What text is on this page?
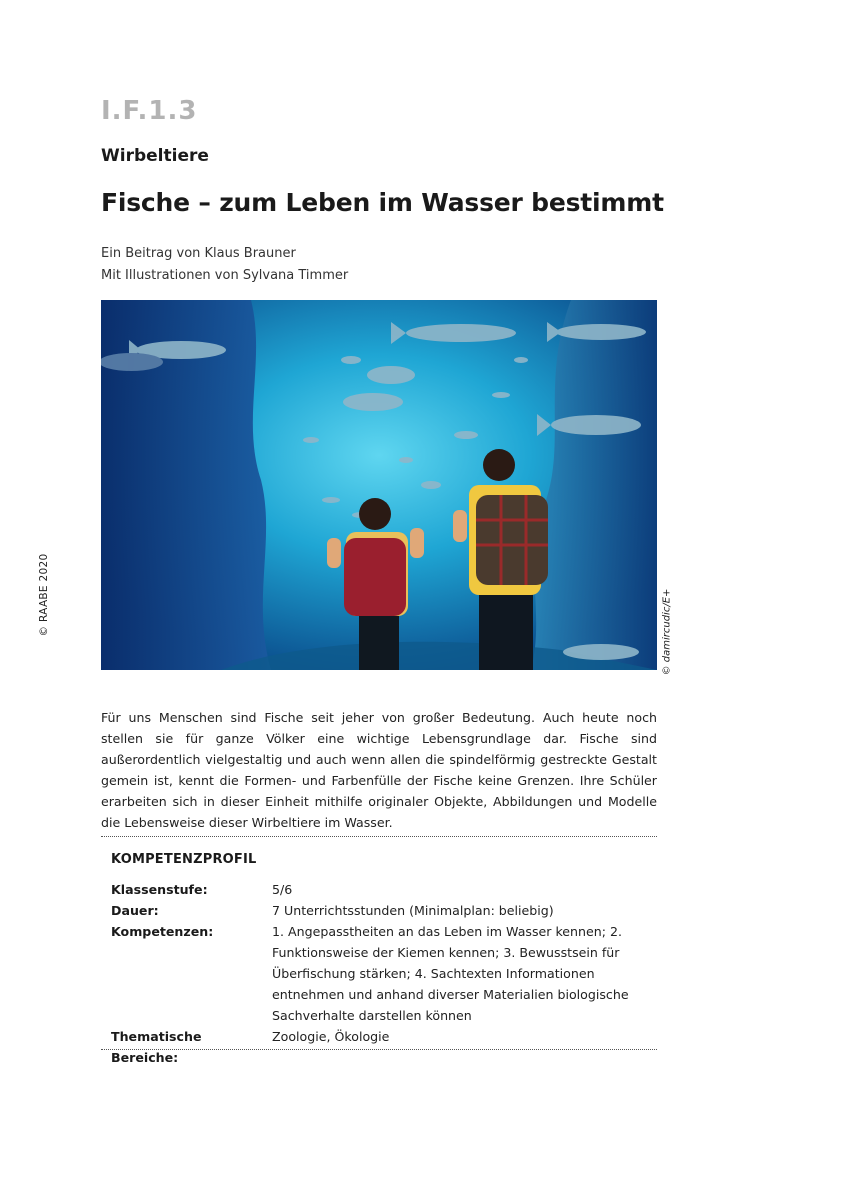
© RAABE 2020
I.F.1.3
Wirbeltiere
Fische – zum Leben im Wasser bestimmt
Ein Beitrag von Klaus Brauner
Mit Illustrationen von Sylvana Timmer
© damircudic/E+

Für uns Menschen sind Fische seit jeher von großer Bedeutung. Auch heute noch stellen sie für ganze Völker eine wichtige Lebensgrundlage dar. Fische sind außerordentlich vielgestaltig und auch wenn allen die spindelförmig gestreckte Gestalt gemein ist, kennt die Formen- und Farbenfülle der Fische keine Grenzen. Ihre Schüler erarbeiten sich in dieser Einheit mithilfe originaler Objekte, Abbildungen und Modelle die Lebensweise dieser Wirbeltiere im Wasser.

KOMPETENZPROFIL
Klassenstufe:	5/6
Dauer:	7 Unterrichtsstunden (Minimalplan: beliebig)
Kompetenzen:	1. Angepasstheiten an das Leben im Wasser kennen; 2. Funktionsweise der Kiemen kennen; 3. Bewusstsein für Überfischung stärken; 4. Sachtexten Informationen entnehmen und anhand diverser Materialien biologische Sachverhalte darstellen können
Thematische Bereiche:
Zoologie, Ökologie
